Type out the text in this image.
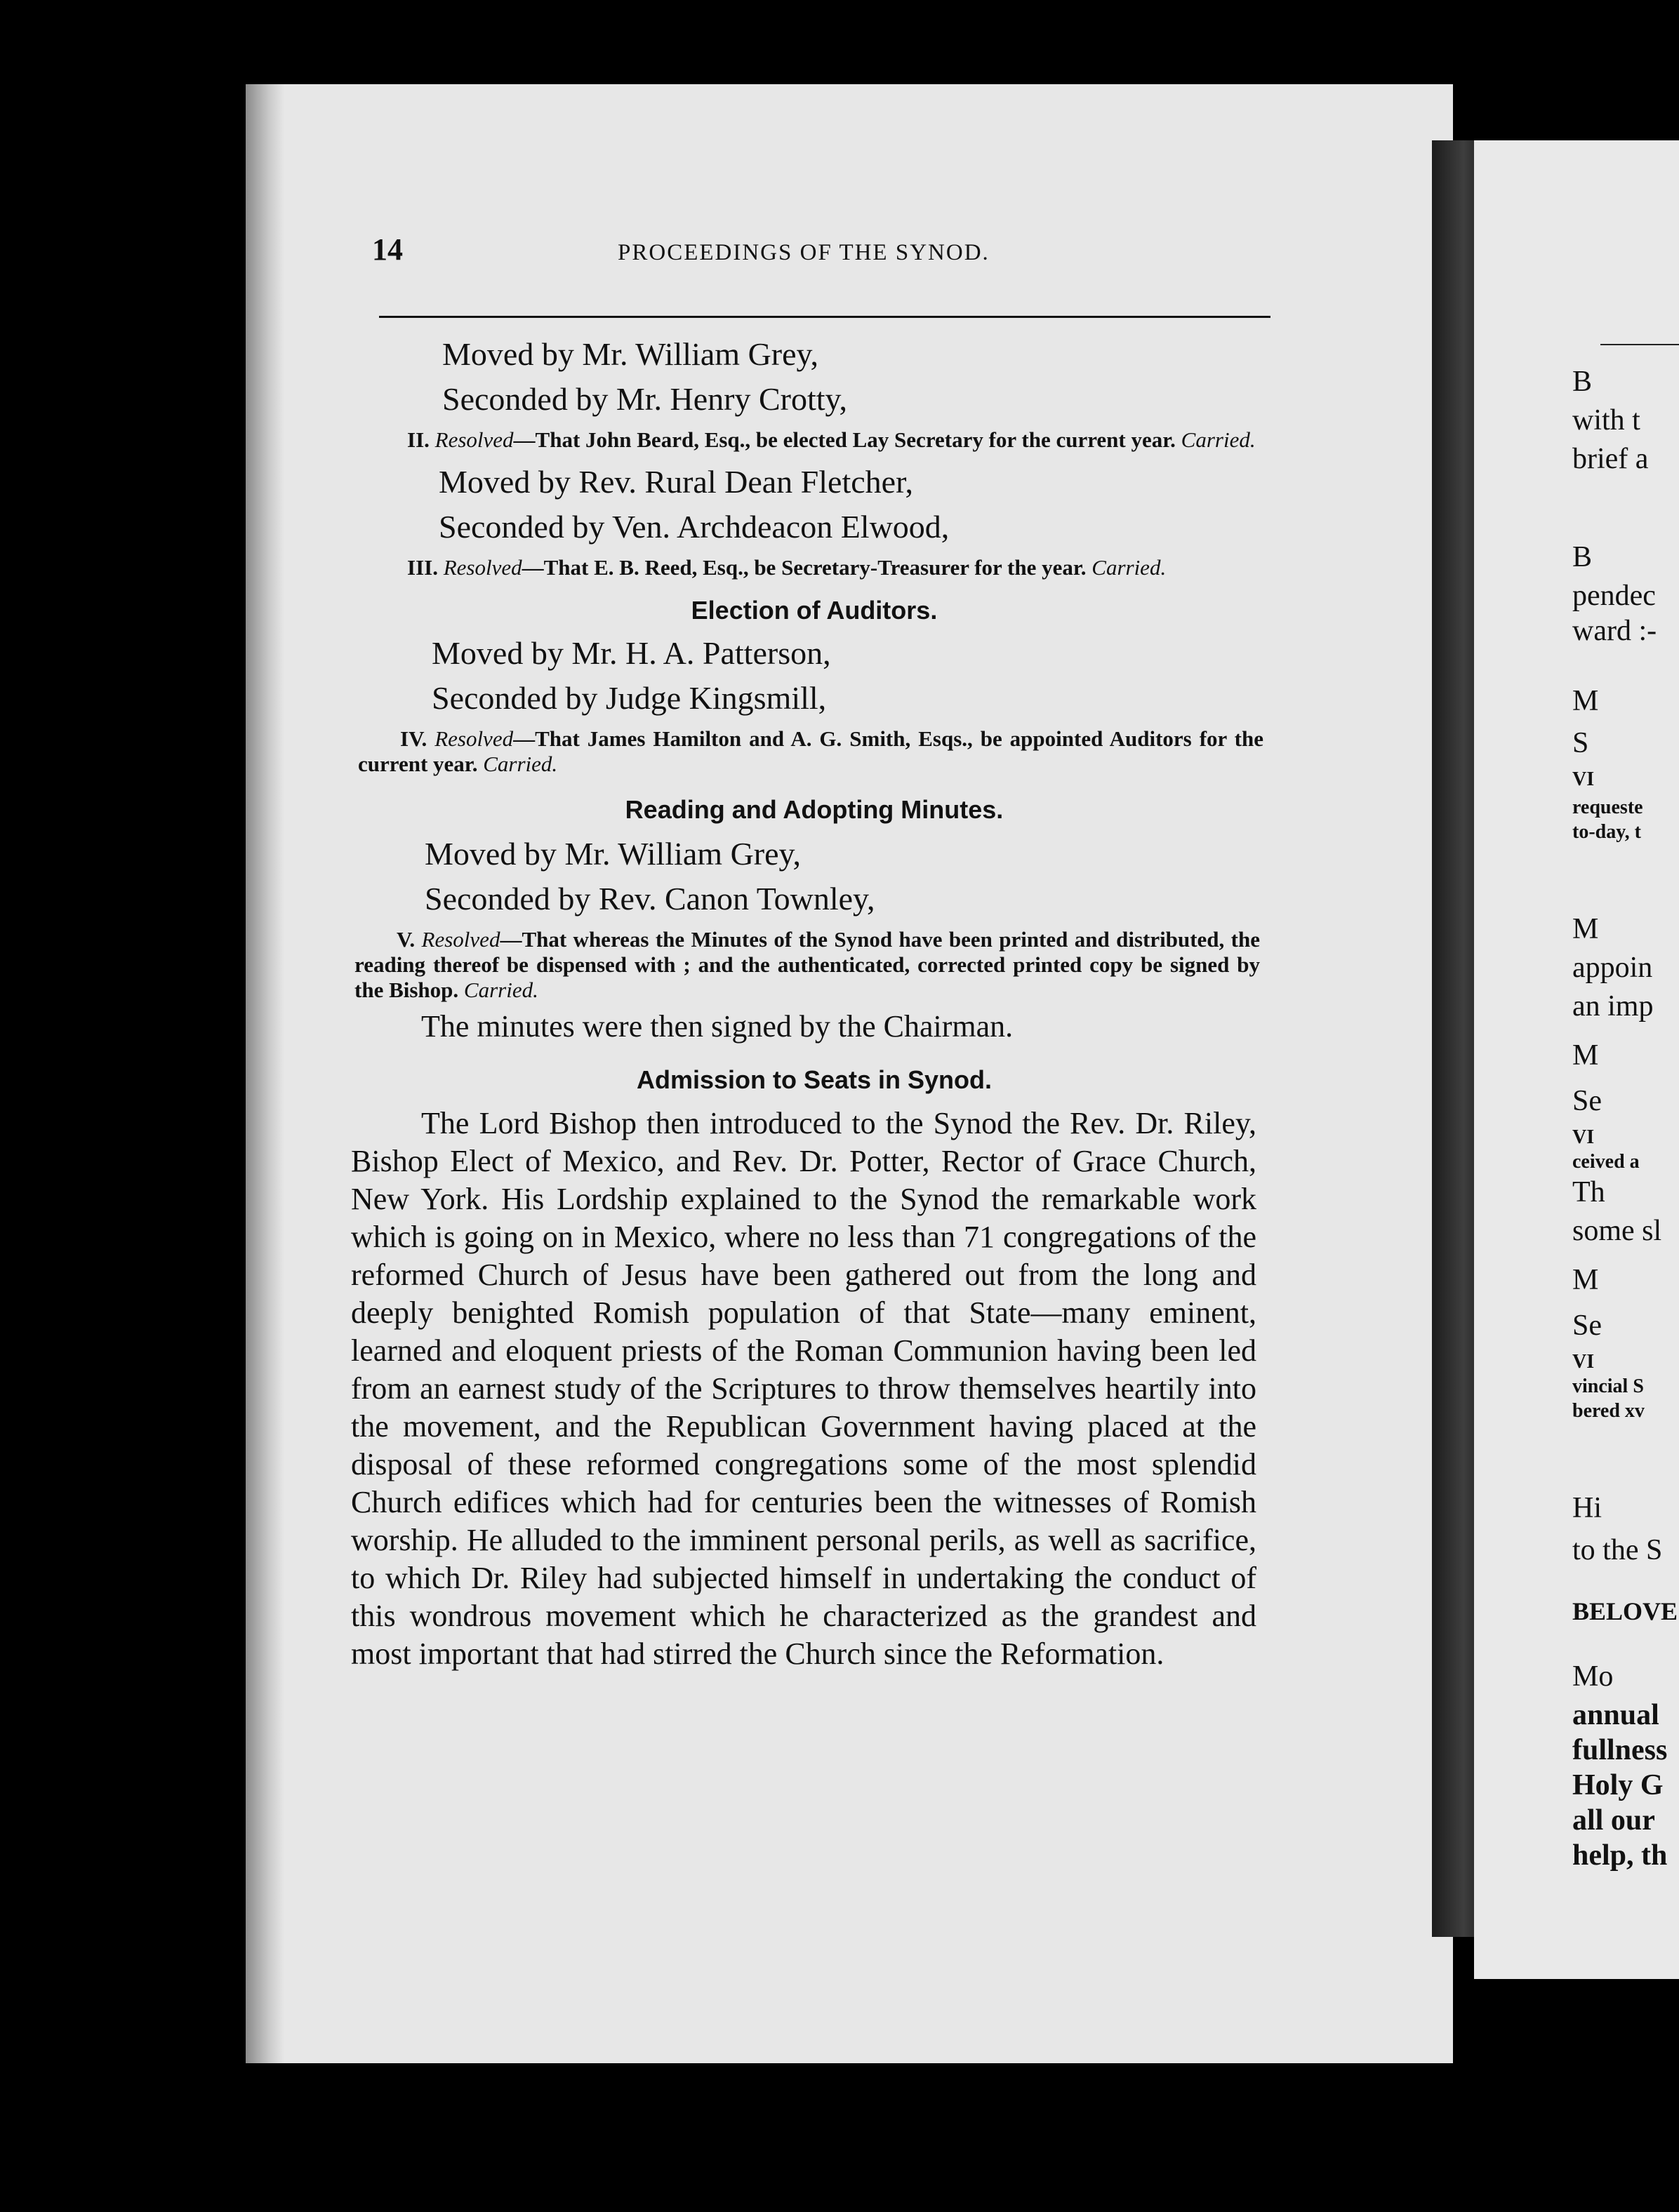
B
with t
brief a
B
pendec
ward :-
M
S
VI
requeste
to-day, t
M
appoin
an imp
M
Se
VI
ceived a
Th
some sl
M
Se
VI
vincial S
bered xv
Hi
to the S
BELOVE
Mo
annual
fullness
Holy G
all our
help, th
14	PROCEEDINGS OF THE SYNOD.
Moved by Mr. William Grey,
Seconded by Mr. Henry Crotty,

II. Resolved—That John Beard, Esq., be elected Lay Secretary for the current year. Carried.

Moved by Rev. Rural Dean Fletcher,
Seconded by Ven. Archdeacon Elwood,

III. Resolved—That E. B. Reed, Esq., be Secretary-Treasurer for the year. Carried.

Election of Auditors.
Moved by Mr. H. A. Patterson,
Seconded by Judge Kingsmill,

IV. Resolved—That James Hamilton and A. G. Smith, Esqs., be appointed Auditors for the current year. Carried.

Reading and Adopting Minutes.
Moved by Mr. William Grey,
Seconded by Rev. Canon Townley,

V. Resolved—That whereas the Minutes of the Synod have been printed and distributed, the reading thereof be dispensed with ; and the authenticated, corrected printed copy be signed by the Bishop. Carried.

The minutes were then signed by the Chairman.
Admission to Seats in Synod.

The Lord Bishop then introduced to the Synod the Rev. Dr. Riley, Bishop Elect of Mexico, and Rev. Dr. Potter, Rector of Grace Church, New York. His Lordship explained to the Synod the remarkable work which is going on in Mexico, where no less than 71 congregations of the reformed Church of Jesus have been gathered out from the long and deeply benighted Romish population of that State—many eminent, learned and eloquent priests of the Roman Communion having been led from an earnest study of the Scriptures to throw themselves heartily into the movement, and the Republican Government having placed at the disposal of these reformed congregations some of the most splendid Church edifices which had for centuries been the witnesses of Romish worship. He alluded to the imminent personal perils, as well as sacrifice, to which Dr. Riley had subjected himself in undertaking the conduct of this wondrous movement which he characterized as the grandest and most important that had stirred the Church since the Reformation.
